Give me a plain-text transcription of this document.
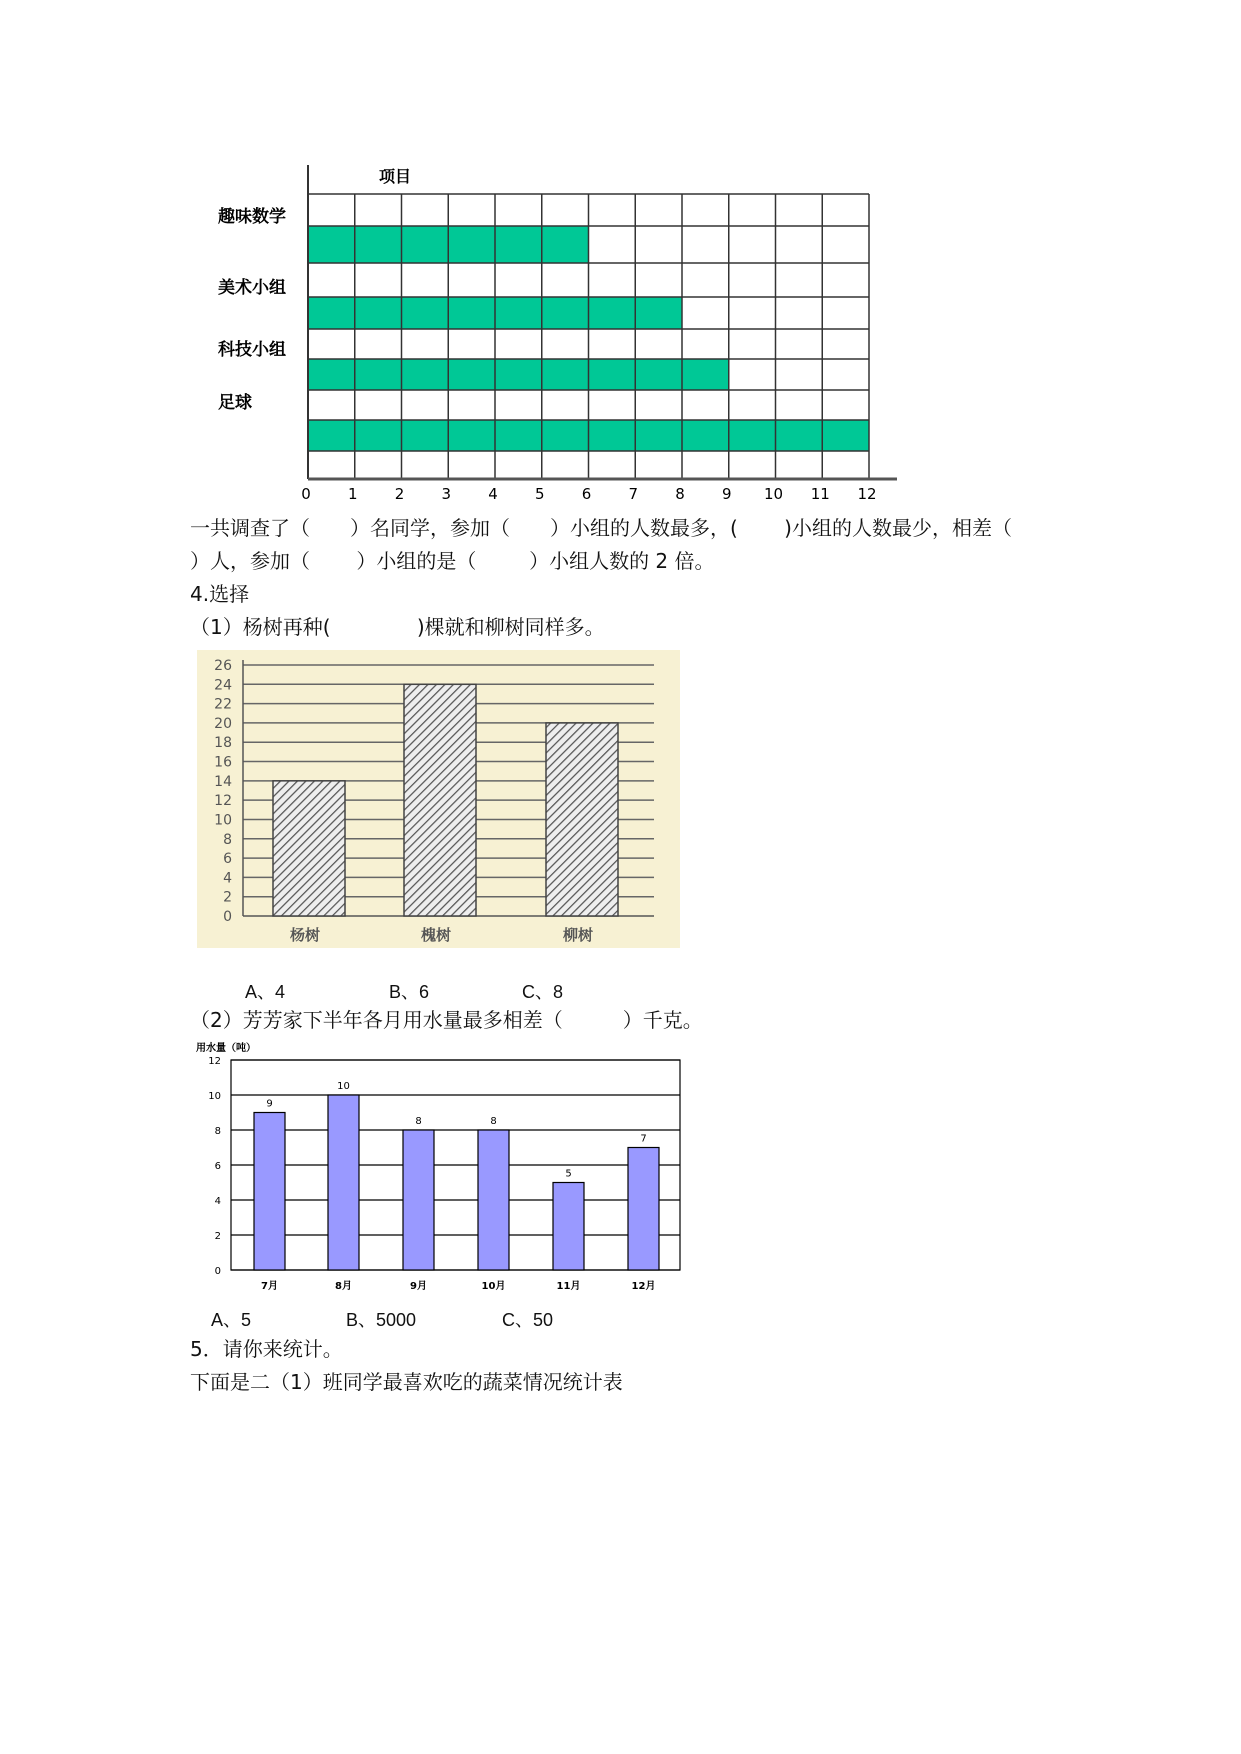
项目
趣味数学
美术小组
科技小组
足球
0 1 2 3 4 5 6 7 8 9 10 11 12
一共调查了（　　）名同学，参加（　　）小组的人数最多，(　　 )小组的人数最少，相差（
）人，参加（　　 ）小组的是（　　  ）小组人数的 2 倍。
4.选择
（1）杨树再种(　　　　 )棵就和柳树同样多。
0
2
4
6
8
10
12
14
16
18
20
22
24
26
杨树	槐树	柳树
A、4	B、6	C、8
（2）芳芳家下半年各月用水量最多相差（　　　）千克。
用水量（吨）
0
2
4
6
8
10
12
9
7月
10
8月
8
9月
8
10月
5
11月
7
12月
A、5	B、5000	C、50
5．请你来统计。
下面是二（1）班同学最喜欢吃的蔬菜情况统计表
